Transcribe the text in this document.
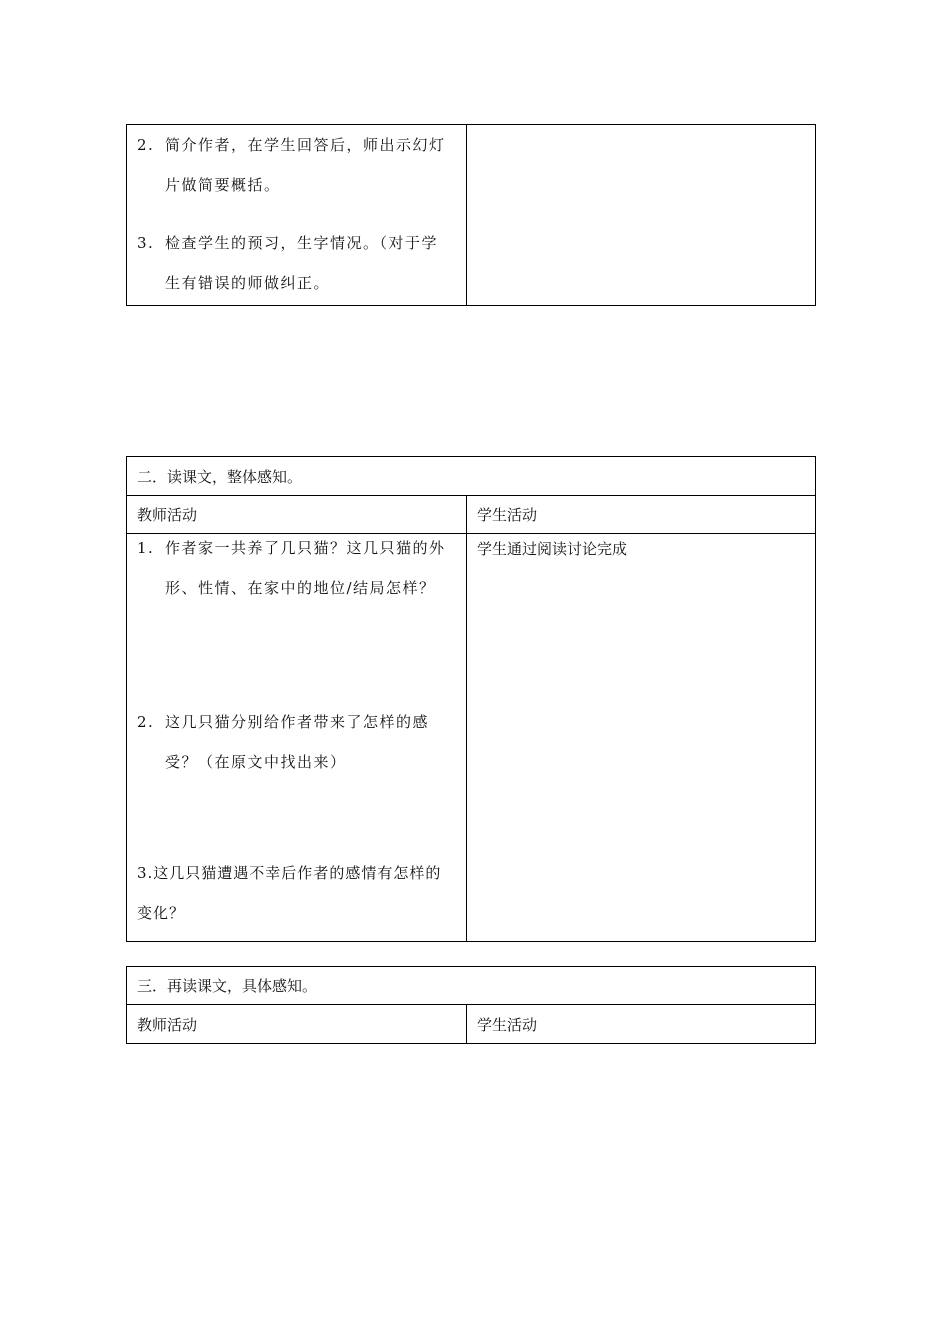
2. 简介作者，在学生回答后，师出示幻灯
片做简要概括。
3. 检查学生的预习，生字情况。（对于学
生有错误的师做纠正。
二．读课文，整体感知。
教师活动	学生活动
1. 作者家一共养了几只猫？这几只猫的外
形、性情、在家中的地位/结局怎样？
2. 这几只猫分别给作者带来了怎样的感
受？（在原文中找出来）
3.这几只猫遭遇不幸后作者的感情有怎样的
变化？
学生通过阅读讨论完成
三．再读课文，具体感知。
教师活动	学生活动
